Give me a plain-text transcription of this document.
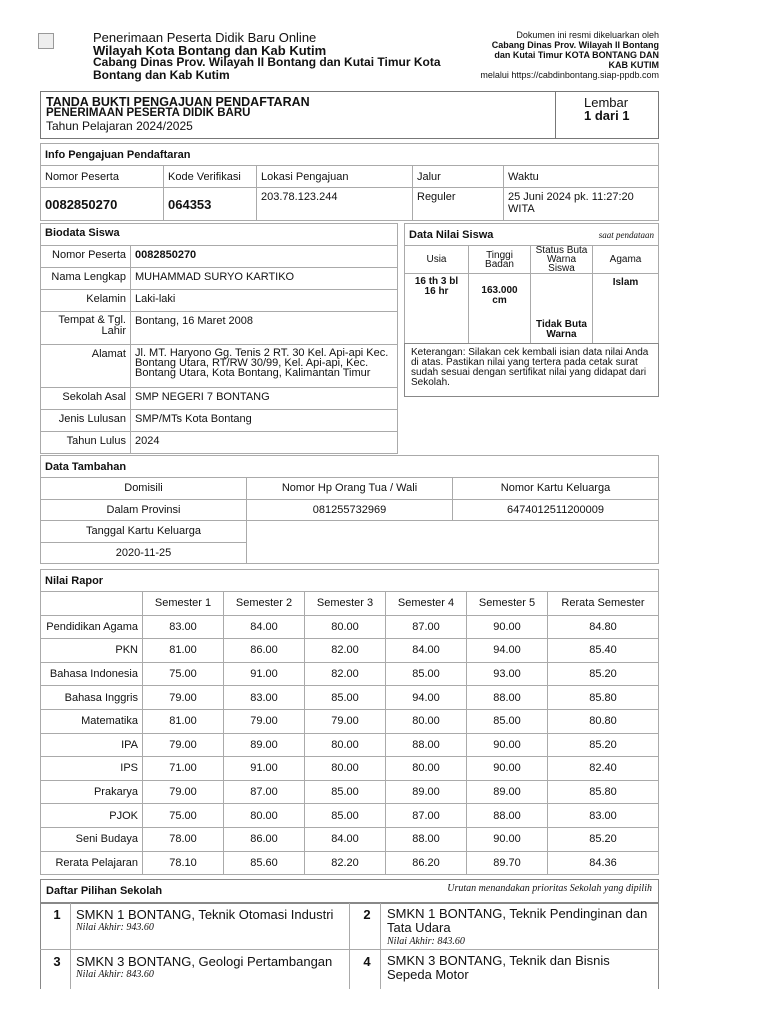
Penerimaan Peserta Didik Baru Online
Wilayah Kota Bontang dan Kab Kutim
Cabang Dinas Prov. Wilayah II Bontang dan Kutai Timur Kota Bontang dan Kab Kutim
Dokumen ini resmi dikeluarkan oleh
Cabang Dinas Prov. Wilayah II Bontang dan Kutai Timur KOTA BONTANG DAN KAB KUTIM
melalui https://cabdinbontang.siap-ppdb.com
TANDA BUKTI PENGAJUAN PENDAFTARAN
PENERIMAAN PESERTA DIDIK BARU
Tahun Pelajaran 2024/2025
Lembar
1 dari 1
Info Pengajuan Pendaftaran				
Nomor Peserta	Kode Verifikasi	Lokasi Pengajuan	Jalur	Waktu
0082850270	064353	203.78.123.244	Reguler	25 Juni 2024 pk. 11:27:20 WITA
Biodata Siswa	
Nomor Peserta	0082850270
Nama Lengkap	MUHAMMAD SURYO KARTIKO
Kelamin	Laki-laki
Tempat & Tgl. Lahir	Bontang, 16 Maret 2008
Alamat	Jl. MT. Haryono Gg. Tenis 2 RT. 30 Kel. Api-api Kec. Bontang Utara, RT/RW 30/99, Kel. Api-api, Kec. Bontang Utara, Kota Bontang, Kalimantan Timur
Sekolah Asal	SMP NEGERI 7 BONTANG
Jenis Lulusan	SMP/MTs Kota Bontang
Tahun Lulus	2024
Data Nilai Siswa			saat pendataan
Usia	Tinggi Badan	Status Buta Warna Siswa	Agama
16 th 3 bl 16 hr	163.000 cm	Tidak Buta Warna	Islam
Keterangan: Silakan cek kembali isian data nilai Anda di atas. Pastikan nilai yang tertera pada cetak surat sudah sesuai dengan sertifikat nilai yang didapat dari Sekolah.
Data Tambahan		
Domisili	Nomor Hp Orang Tua / Wali	Nomor Kartu Keluarga
Dalam Provinsi	081255732969	6474012511200009
Tanggal Kartu Keluarga		
2020-11-25		
Nilai Rapor						
	Semester 1	Semester 2	Semester 3	Semester 4	Semester 5	Rerata Semester
Pendidikan Agama	83.00	84.00	80.00	87.00	90.00	84.80
PKN	81.00	86.00	82.00	84.00	94.00	85.40
Bahasa Indonesia	75.00	91.00	82.00	85.00	93.00	85.20
Bahasa Inggris	79.00	83.00	85.00	94.00	88.00	85.80
Matematika	81.00	79.00	79.00	80.00	85.00	80.80
IPA	79.00	89.00	80.00	88.00	90.00	85.20
IPS	71.00	91.00	80.00	80.00	90.00	82.40
Prakarya	79.00	87.00	85.00	89.00	89.00	85.80
PJOK	75.00	80.00	85.00	87.00	88.00	83.00
Seni Budaya	78.00	86.00	84.00	88.00	90.00	85.20
Rerata Pelajaran	78.10	85.60	82.20	86.20	89.70	84.36
Daftar Pilihan Sekolah	Urutan menandakan prioritas Sekolah yang dipilih
1	SMKN 1 BONTANG, Teknik Otomasi Industri
Nilai Akhir: 943.60
2	SMKN 1 BONTANG, Teknik Pendinginan dan Tata Udara
Nilai Akhir: 843.60
3	SMKN 3 BONTANG, Geologi Pertambangan
Nilai Akhir: 843.60
4	SMKN 3 BONTANG, Teknik dan Bisnis Sepeda Motor
